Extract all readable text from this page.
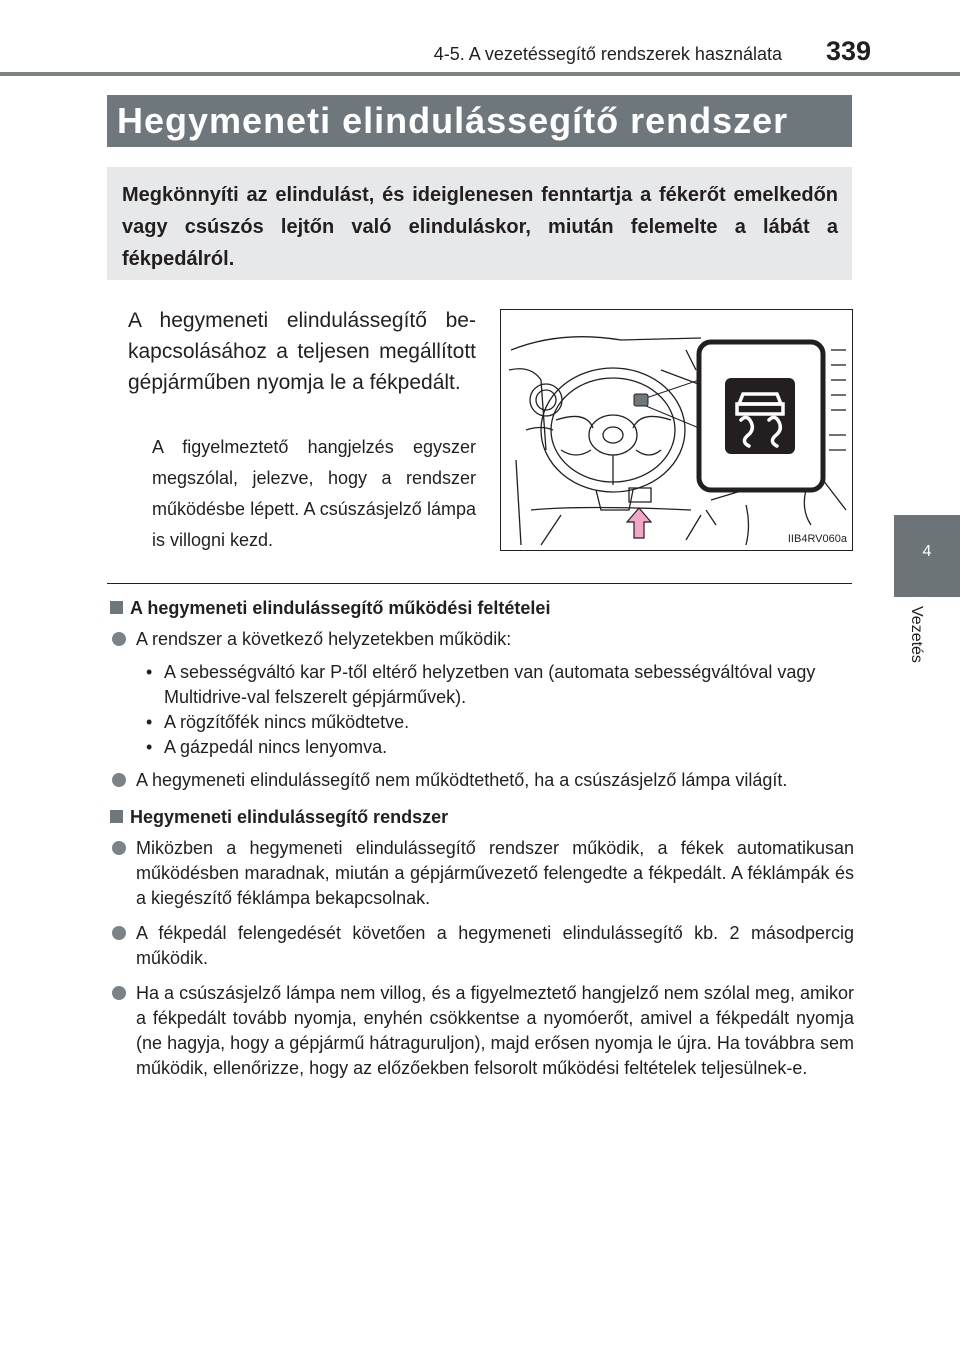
4-5. A vezetéssegítő rendszerek használata 339
4
Vezetés
Hegymeneti elindulássegítő rendszer
Megkönnyíti az elindulást, és ideiglenesen fenntartja a fékerőt emelkedőn vagy csúszós lejtőn való elinduláskor, miután felemelte a lábát a fékpedálról.
A hegymeneti elindulássegítő bekapcsolásához a teljesen megállított gépjárműben nyomja le a fékpedált.
A figyelmeztető hangjelzés egyszer megszólal, jelezve, hogy a rendszer működésbe lépett. A csúszásjelző lámpa is villogni kezd.	IIB4RV060a

A hegymeneti elindulássegítő működési feltételei

A rendszer a következő helyzetekben működik:

• A sebességváltó kar P-től eltérő helyzetben van (automata sebességváltóval vagy Multidrive-val felszerelt gépjárművek).

• A rögzítőfék nincs működtetve.

• A gázpedál nincs lenyomva.

A hegymeneti elindulássegítő nem működtethető, ha a csúszásjelző lámpa világít.

Hegymeneti elindulássegítő rendszer

Miközben a hegymeneti elindulássegítő rendszer működik, a fékek automatikusan működésben maradnak, miután a gépjárművezető felengedte a fékpedált. A féklámpák és a kiegészítő féklámpa bekapcsolnak.

A fékpedál felengedését követően a hegymeneti elindulássegítő kb. 2 másodpercig működik.

Ha a csúszásjelző lámpa nem villog, és a figyelmeztető hangjelző nem szólal meg, amikor a fékpedált tovább nyomja, enyhén csökkentse a nyomóerőt, amivel a fékpedált nyomja (ne hagyja, hogy a gépjármű hátraguruljon), majd erősen nyomja le újra. Ha továbbra sem működik, ellenőrizze, hogy az előzőekben felsorolt működési feltételek teljesülnek-e.
